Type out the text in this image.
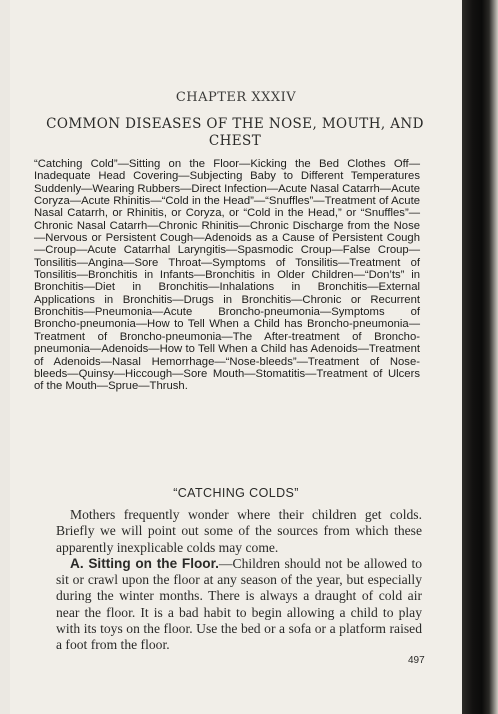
CHAPTER XXXIV
COMMON DISEASES OF THE NOSE, MOUTH, AND CHEST
“Catching Cold”—Sitting on the Floor—Kicking the Bed Clothes Off—Inadequate Head Covering—Subjecting Baby to Different Temperatures Suddenly—Wearing Rubbers—Direct Infection—Acute Nasal Catarrh—Acute Coryza—Acute Rhinitis—“Cold in the Head”—“Snuffles”—Treatment of Acute Nasal Catarrh, or Rhinitis, or Coryza, or “Cold in the Head,” or “Snuffles”—Chronic Nasal Catarrh—Chronic Rhinitis—Chronic Discharge from the Nose—Nervous or Persistent Cough—Adenoids as a Cause of Persistent Cough—Croup—Acute Catarrhal Laryngitis—Spasmodic Croup—False Croup—Tonsilitis—Angina—Sore Throat—Symptoms of Tonsilitis—Treatment of Tonsilitis—Bronchitis in Infants—Bronchitis in Older Children—“Don’ts” in Bronchitis—Diet in Bronchitis—Inhalations in Bronchitis—External Applications in Bronchitis—Drugs in Bronchitis—Chronic or Recurrent Bronchitis—Pneumonia—Acute Broncho-pneumonia—Symptoms of Broncho-pneumonia—How to Tell When a Child has Broncho-pneumonia—Treatment of Broncho-pneumonia—The After-treatment of Broncho-pneumonia—Adenoids—How to Tell When a Child has Adenoids—Treatment of Adenoids—Nasal Hemorrhage—“Nose-bleeds”—Treatment of Nose-bleeds—Quinsy—Hiccough—Sore Mouth—Stomatitis—Treatment of Ulcers of the Mouth—Sprue—Thrush.
“CATCHING COLDS”

Mothers frequently wonder where their children get colds. Briefly we will point out some of the sources from which these apparently inexplicable colds may come.

A. Sitting on the Floor.—Children should not be allowed to sit or crawl upon the floor at any season of the year, but especially during the winter months. There is always a draught of cold air near the floor. It is a bad habit to begin allowing a child to play with its toys on the floor. Use the bed or a sofa or a platform raised a foot from the floor.

497
